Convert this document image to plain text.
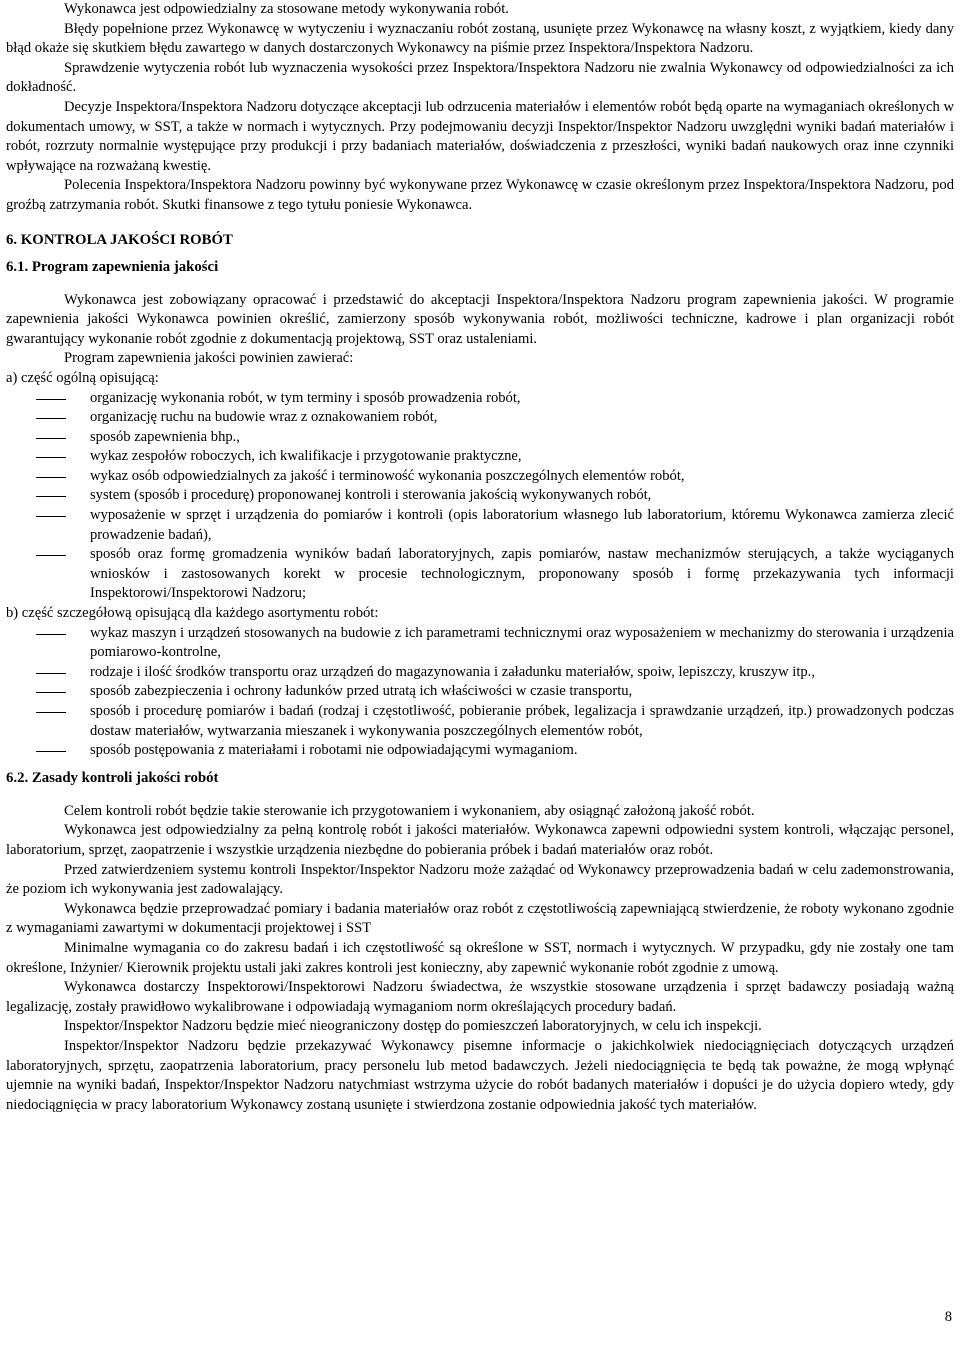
Wykonawca jest odpowiedzialny za stosowane metody wykonywania robót.

Błędy popełnione przez Wykonawcę w wytyczeniu i wyznaczaniu robót zostaną, usunięte przez Wykonawcę na własny koszt, z wyjątkiem, kiedy dany błąd okaże się skutkiem błędu zawartego w danych dostarczonych Wykonawcy na piśmie przez Inspektora/Inspektora Nadzoru.

Sprawdzenie wytyczenia robót lub wyznaczenia wysokości przez Inspektora/Inspektora Nadzoru nie zwalnia Wykonawcy od odpowiedzialności za ich dokładność.

Decyzje Inspektora/Inspektora Nadzoru dotyczące akceptacji lub odrzucenia materiałów i elementów robót będą oparte na wymaganiach określonych w dokumentach umowy, w SST, a także w normach i wytycznych. Przy podejmowaniu decyzji Inspektor/Inspektor Nadzoru uwzględni wyniki badań materiałów i robót, rozrzuty normalnie występujące przy produkcji i przy badaniach materiałów, doświadczenia z przeszłości, wyniki badań naukowych oraz inne czynniki wpływające na rozważaną kwestię.

Polecenia Inspektora/Inspektora Nadzoru powinny być wykonywane przez Wykonawcę w czasie określonym przez Inspektora/Inspektora Nadzoru, pod groźbą zatrzymania robót. Skutki finansowe z tego tytułu poniesie Wykonawca.

6. KONTROLA JAKOŚCI ROBÓT
6.1. Program zapewnienia jakości

Wykonawca jest zobowiązany opracować i przedstawić do akceptacji Inspektora/Inspektora Nadzoru program zapewnienia jakości. W programie zapewnienia jakości Wykonawca powinien określić, zamierzony sposób wykonywania robót, możliwości techniczne, kadrowe i plan organizacji robót gwarantujący wykonanie robót zgodnie z dokumentacją projektową, SST oraz ustaleniami.

Program zapewnienia jakości powinien zawierać:

a) część ogólną opisującą:

organizację wykonania robót, w tym terminy i sposób prowadzenia robót,
organizację ruchu na budowie wraz z oznakowaniem robót,
sposób zapewnienia bhp.,
wykaz zespołów roboczych, ich kwalifikacje i przygotowanie praktyczne,
wykaz osób odpowiedzialnych za jakość i terminowość wykonania poszczególnych elementów robót,
system (sposób i procedurę) proponowanej kontroli i sterowania jakością wykonywanych robót,
wyposażenie w sprzęt i urządzenia do pomiarów i kontroli (opis laboratorium własnego lub laboratorium, któremu Wykonawca zamierza zlecić prowadzenie badań),
sposób oraz formę gromadzenia wyników badań laboratoryjnych, zapis pomiarów, nastaw mechanizmów sterujących, a także wyciąganych wniosków i zastosowanych korekt w procesie technologicznym, proponowany sposób i formę przekazywania tych informacji Inspektorowi/Inspektorowi Nadzoru;

b) część szczegółową opisującą dla każdego asortymentu robót:

wykaz maszyn i urządzeń stosowanych na budowie z ich parametrami technicznymi oraz wyposażeniem w mechanizmy do sterowania i urządzenia pomiarowo-kontrolne,
rodzaje i ilość środków transportu oraz urządzeń do magazynowania i załadunku materiałów, spoiw, lepiszczy, kruszyw itp.,
sposób zabezpieczenia i ochrony ładunków przed utratą ich właściwości w czasie transportu,
sposób i procedurę pomiarów i badań (rodzaj i częstotliwość, pobieranie próbek, legalizacja i sprawdzanie urządzeń, itp.) prowadzonych podczas dostaw materiałów, wytwarzania mieszanek i wykonywania poszczególnych elementów robót,
sposób postępowania z materiałami i robotami nie odpowiadającymi wymaganiom.
6.2. Zasady kontroli jakości robót

Celem kontroli robót będzie takie sterowanie ich przygotowaniem i wykonaniem, aby osiągnąć założoną jakość robót.

Wykonawca jest odpowiedzialny za pełną kontrolę robót i jakości materiałów. Wykonawca zapewni odpowiedni system kontroli, włączając personel, laboratorium, sprzęt, zaopatrzenie i wszystkie urządzenia niezbędne do pobierania próbek i badań materiałów oraz robót.

Przed zatwierdzeniem systemu kontroli Inspektor/Inspektor Nadzoru może zażądać od Wykonawcy przeprowadzenia badań w celu zademonstrowania, że poziom ich wykonywania jest zadowalający.

Wykonawca będzie przeprowadzać pomiary i badania materiałów oraz robót z częstotliwością zapewniającą stwierdzenie, że roboty wykonano zgodnie z wymaganiami zawartymi w dokumentacji projektowej i SST

Minimalne wymagania co do zakresu badań i ich częstotliwość są określone w SST, normach i wytycznych. W przypadku, gdy nie zostały one tam określone, Inżynier/ Kierownik projektu ustali jaki zakres kontroli jest konieczny, aby zapewnić wykonanie robót zgodnie z umową.

Wykonawca dostarczy Inspektorowi/Inspektorowi Nadzoru świadectwa, że wszystkie stosowane urządzenia i sprzęt badawczy posiadają ważną legalizację, zostały prawidłowo wykalibrowane i odpowiadają wymaganiom norm określających procedury badań.

Inspektor/Inspektor Nadzoru będzie mieć nieograniczony dostęp do pomieszczeń laboratoryjnych, w celu ich inspekcji.

Inspektor/Inspektor Nadzoru będzie przekazywać Wykonawcy pisemne informacje o jakichkolwiek niedociągnięciach dotyczących urządzeń laboratoryjnych, sprzętu, zaopatrzenia laboratorium, pracy personelu lub metod badawczych. Jeżeli niedociągnięcia te będą tak poważne, że mogą wpłynąć ujemnie na wyniki badań, Inspektor/Inspektor Nadzoru natychmiast wstrzyma użycie do robót badanych materiałów i dopuści je do użycia dopiero wtedy, gdy niedociągnięcia w pracy laboratorium Wykonawcy zostaną usunięte i stwierdzona zostanie odpowiednia jakość tych materiałów.

8
